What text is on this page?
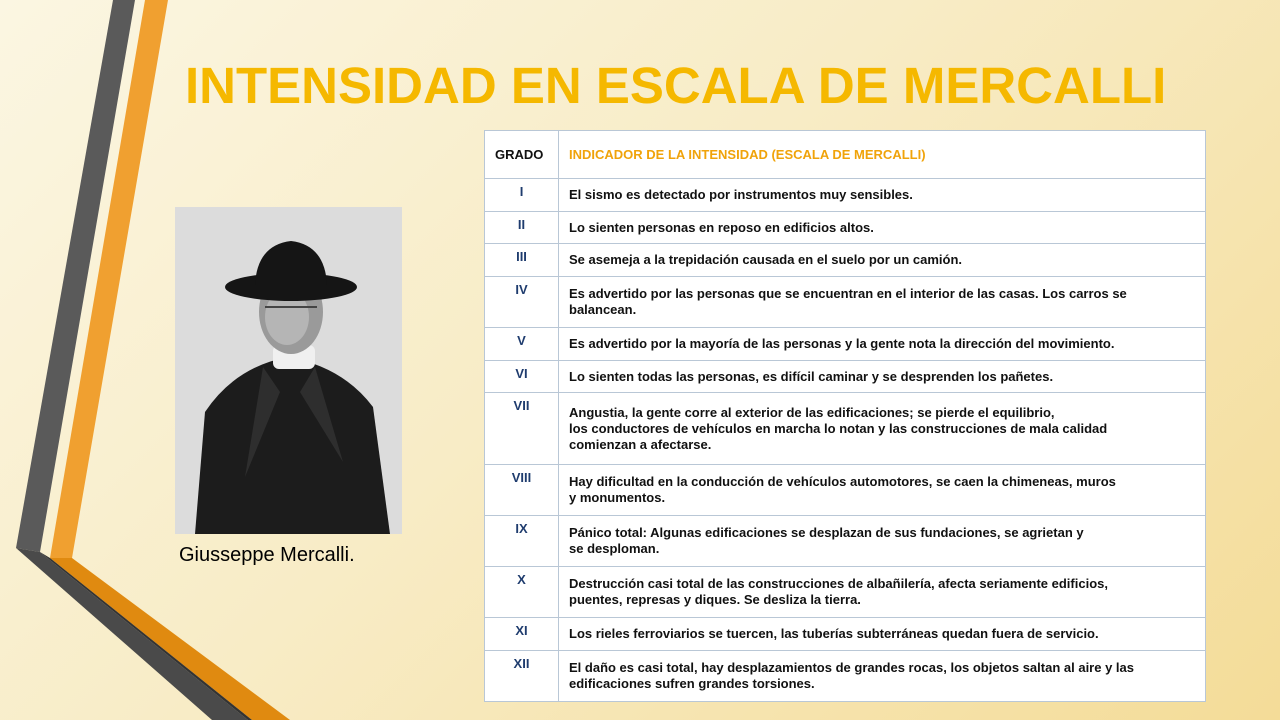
INTENSIDAD EN ESCALA DE MERCALLI

Giusseppe Mercalli.

GRADO	INDICADOR DE LA INTENSIDAD (ESCALA DE MERCALLI)
I	El sismo es detectado por instrumentos muy sensibles.

II	Lo sienten personas en reposo en edificios altos.

III	Se asemeja a la trepidación causada en el suelo por un camión.

IV	Es advertido por las personas que se encuentran en el interior de las casas. Los carros se
balancean.

V	Es advertido por la mayoría de las personas y la gente nota la dirección del movimiento.

VI	Lo sienten todas las personas, es difícil caminar y se desprenden los pañetes.

VII	Angustia, la gente corre al exterior de las edificaciones; se pierde el equilibrio,
los conductores de vehículos en marcha lo notan y las construcciones de mala calidad
comienzan a afectarse.

VIII	Hay dificultad en la conducción de vehículos automotores, se caen la chimeneas, muros
y monumentos.

IX	Pánico total: Algunas edificaciones se desplazan de sus fundaciones, se agrietan y
se desploman.

X	Destrucción casi total de las construcciones de albañilería, afecta seriamente edificios,
puentes, represas y diques. Se desliza la tierra.

XI	Los rieles ferroviarios se tuercen, las tuberías subterráneas quedan fuera de servicio.

XII	El daño es casi total, hay desplazamientos de grandes rocas, los objetos saltan al aire y las
edificaciones sufren grandes torsiones.
